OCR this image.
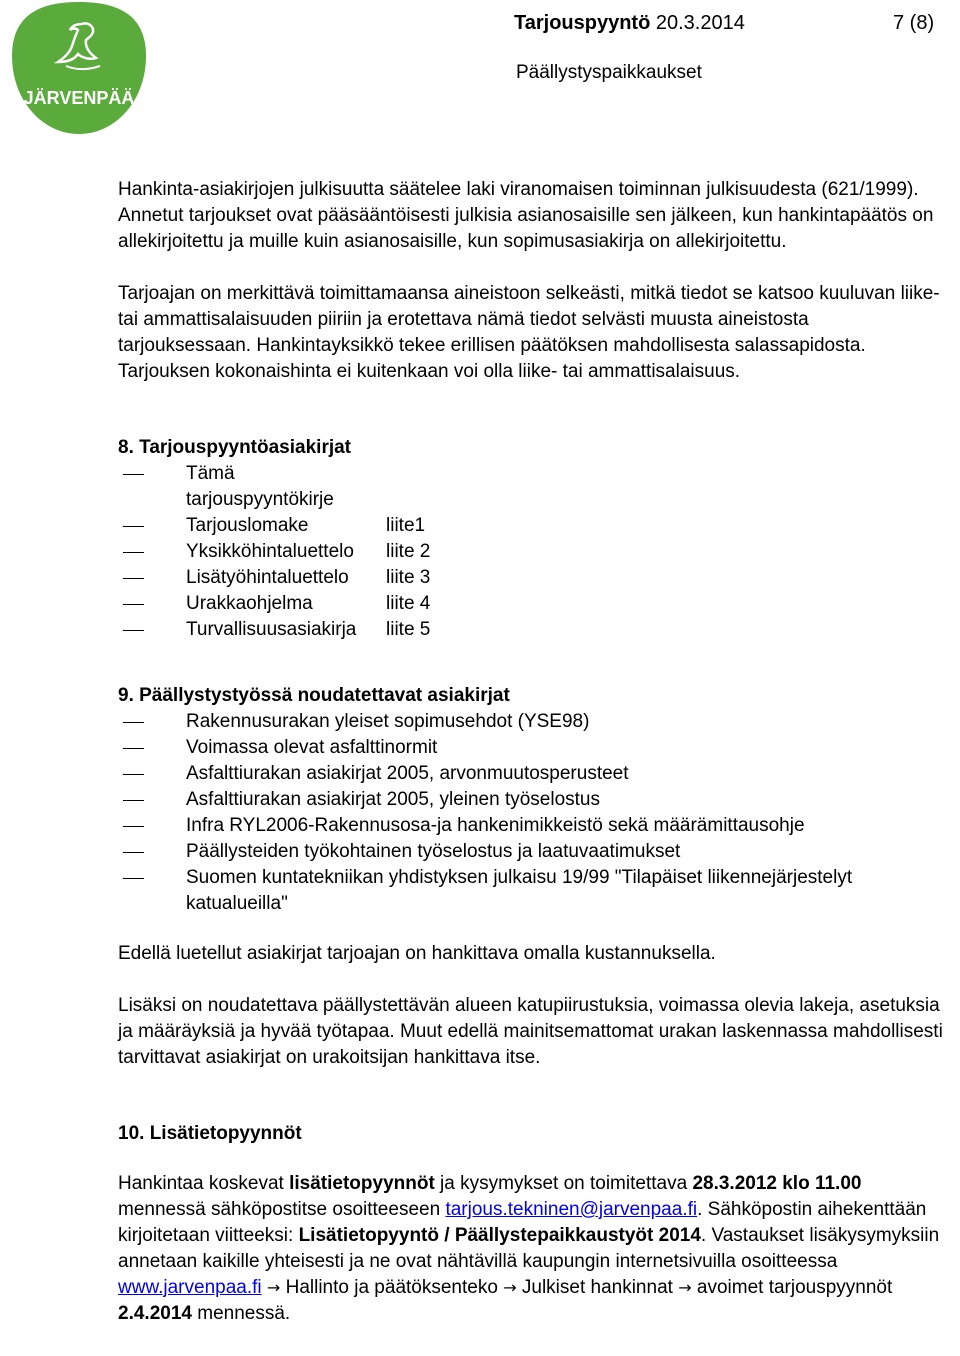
JÄRVENPÄÄ
Tarjouspyyntö 20.3.2014	7 (8)
Päällystyspaikkaukset

Hankinta-asiakirjojen julkisuutta säätelee laki viranomaisen toiminnan julkisuudesta (621/1999). Annetut tarjoukset ovat pääsääntöisesti julkisia asianosaisille sen jälkeen, kun hankintapäätös on allekirjoitettu ja muille kuin asianosaisille, kun sopimusasiakirja on allekirjoitettu.

Tarjoajan on merkittävä toimittamaansa aineistoon selkeästi, mitkä tiedot se katsoo kuuluvan liike- tai ammattisalaisuuden piiriin ja erotettava nämä tiedot selvästi muusta aineistosta tarjouksessaan. Hankintayksikkö tekee erillisen päätöksen mahdollisesta salassapidosta. Tarjouksen kokonaishinta ei kuitenkaan voi olla liike- tai ammattisalaisuus.

8. Tarjouspyyntöasiakirjat

Tämä tarjouspyyntökirje
Tarjouslomake	liite1
Yksikköhintaluettelo liite 2
Lisätyöhintaluettelo liite 3
Urakkaohjelma	liite 4
Turvallisuusasiakirja liite 5

9. Päällystystyössä noudatettavat asiakirjat

Rakennusurakan yleiset sopimusehdot (YSE98)
Voimassa olevat asfalttinormit
Asfalttiurakan asiakirjat 2005, arvonmuutosperusteet
Asfalttiurakan asiakirjat 2005, yleinen työselostus
Infra RYL2006-Rakennusosa-ja hankenimikkeistö sekä määrämittausohje
Päällysteiden työkohtainen työselostus ja laatuvaatimukset
Suomen kuntatekniikan yhdistyksen julkaisu 19/99 "Tilapäiset liikennejärjestelyt katualueilla"

Edellä luetellut asiakirjat tarjoajan on hankittava omalla kustannuksella.

Lisäksi on noudatettava päällystettävän alueen katupiirustuksia, voimassa olevia lakeja, asetuksia ja määräyksiä ja hyvää työtapaa. Muut edellä mainitsemattomat urakan laskennassa mahdollisesti tarvittavat asiakirjat on urakoitsijan hankittava itse.

10. Lisätietopyynnöt

Hankintaa koskevat lisätietopyynnöt ja kysymykset on toimitettava 28.3.2012 klo 11.00 mennessä sähköpostitse osoitteeseen tarjous.tekninen@jarvenpaa.fi. Sähköpostin aihekenttään kirjoitetaan viitteeksi: Lisätietopyyntö / Päällystepaikkaustyöt 2014. Vastaukset lisäkysymyksiin annetaan kaikille yhteisesti ja ne ovat nähtävillä kaupungin internetsivuilla osoitteessa www.jarvenpaa.fi → Hallinto ja päätöksenteko → Julkiset hankinnat → avoimet tarjouspyynnöt 2.4.2014 mennessä.
